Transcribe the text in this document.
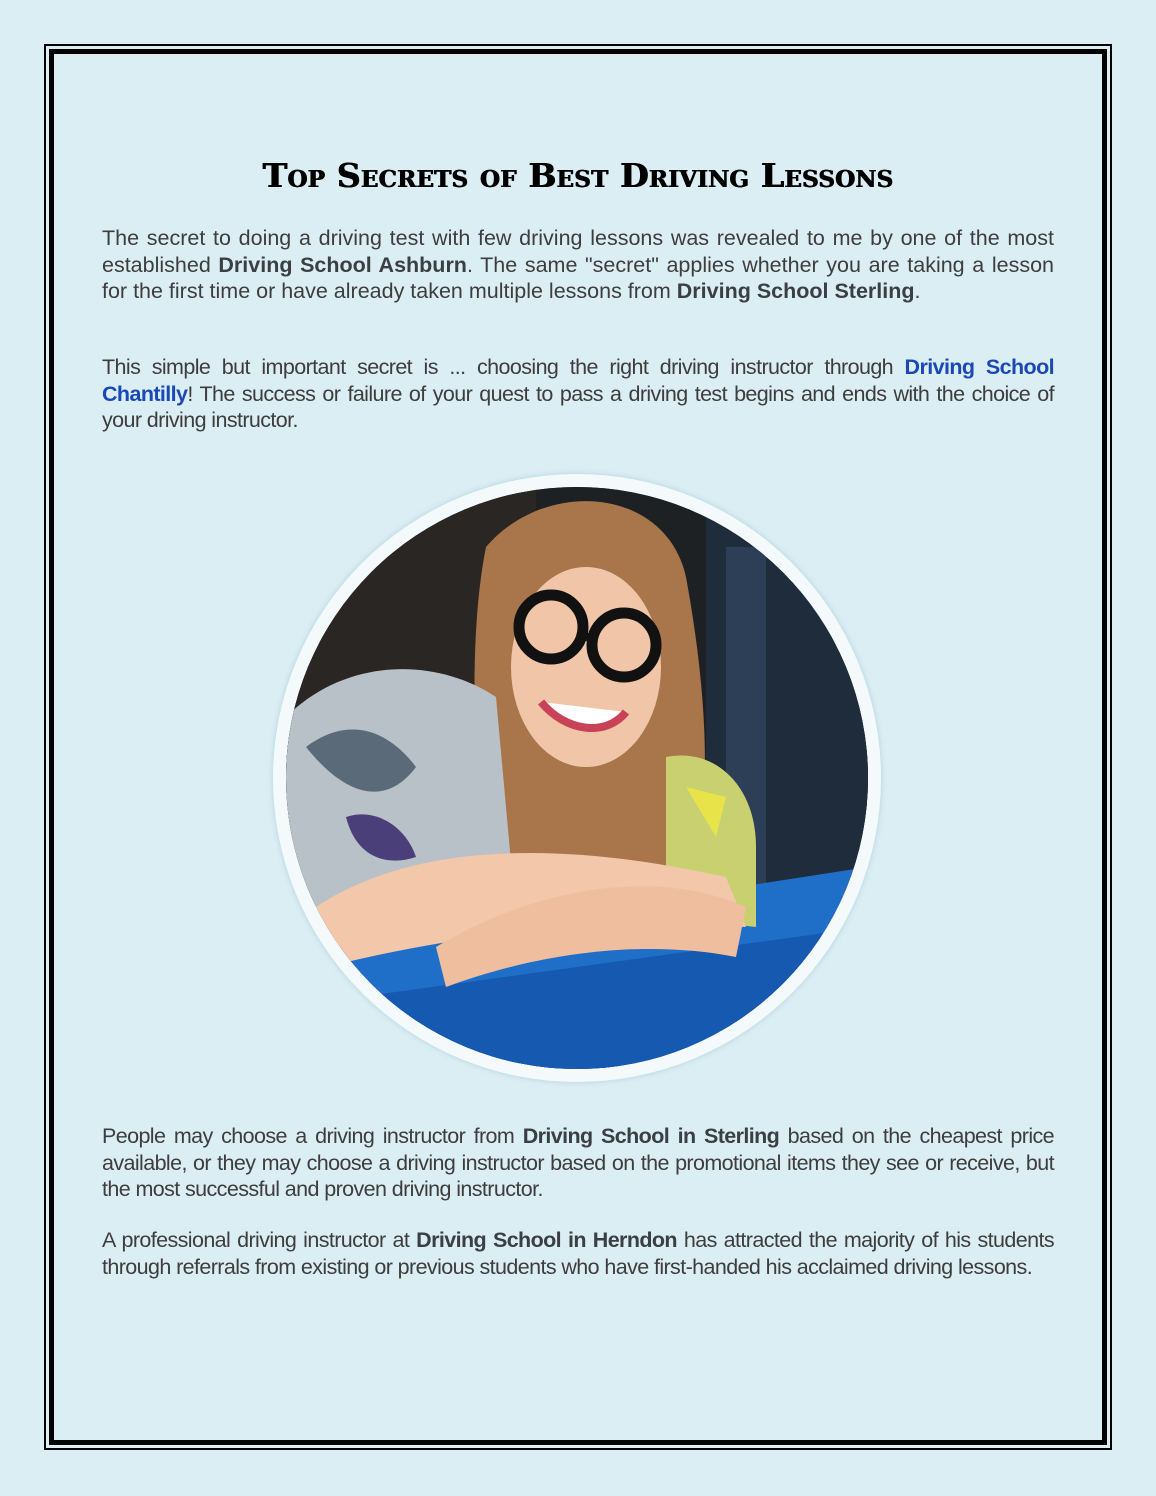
Top Secrets of Best Driving Lessons

The secret to doing a driving test with few driving lessons was revealed to me by one of the most established Driving School Ashburn. The same "secret" applies whether you are taking a lesson for the first time or have already taken multiple lessons from Driving School Sterling.

This simple but important secret is ... choosing the right driving instructor through Driving School Chantilly! The success or failure of your quest to pass a driving test begins and ends with the choice of your driving instructor.

People may choose a driving instructor from Driving School in Sterling based on the cheapest price available, or they may choose a driving instructor based on the promotional items they see or receive, but the most successful and proven driving instructor.

A professional driving instructor at Driving School in Herndon has attracted the majority of his students through referrals from existing or previous students who have first-handed his acclaimed driving lessons.
